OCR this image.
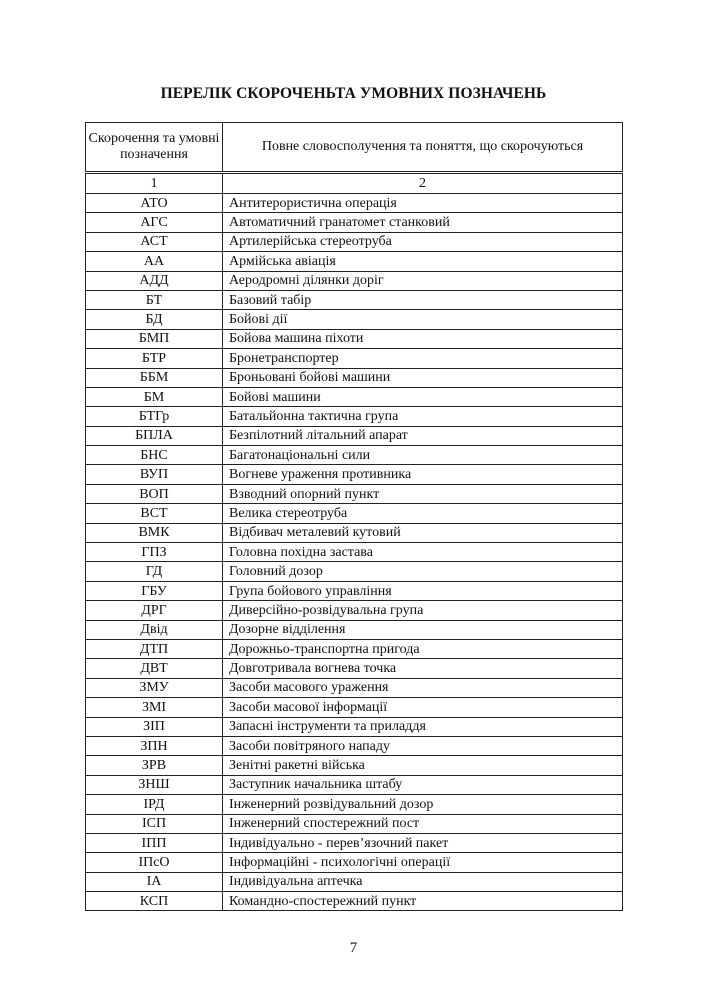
ПЕРЕЛІК СКОРОЧЕНЬТА УМОВНИХ ПОЗНАЧЕНЬ
Скорочення та умовні позначення	Повне словосполучення та поняття, що скорочуються
1	2
АТО	Антитерористична операція
АГС	Автоматичний гранатомет станковий
АСТ	Артилерійська стереотруба
АА	Армійська авіація
АДД	Аеродромні ділянки доріг
БТ	Базовий табір
БД	Бойові дії
БМП	Бойова машина піхоти
БТР	Бронетранспортер
ББМ	Броньовані бойові машини
БМ	Бойові машини
БТГр	Батальйонна тактична група
БПЛА	Безпілотний літальний апарат
БНС	Багатонаціональні сили
ВУП	Вогневе ураження противника
ВОП	Взводний опорний пункт
ВСТ	Велика стереотруба
ВМК	Відбивач металевий кутовий
ГПЗ	Головна похідна застава
ГД	Головний дозор
ГБУ	Група бойового управління
ДРГ	Диверсійно-розвідувальна група
Двід	Дозорне відділення
ДТП	Дорожньо-транспортна пригода
ДВТ	Довготривала вогнева точка
ЗМУ	Засоби масового ураження
ЗМІ	Засоби масової інформації
ЗІП	Запасні інструменти та приладдя
ЗПН	Засоби повітряного нападу
ЗРВ	Зенітні ракетні війська
ЗНШ	Заступник начальника штабу
ІРД	Інженерний розвідувальний дозор
ІСП	Інженерний спостережний пост
ІПП	Індивідуально - перев’язочний пакет
ІПсО	Інформаційні - психологічні операції
ІА	Індивідуальна аптечка
КСП	Командно-спостережний пункт
7
